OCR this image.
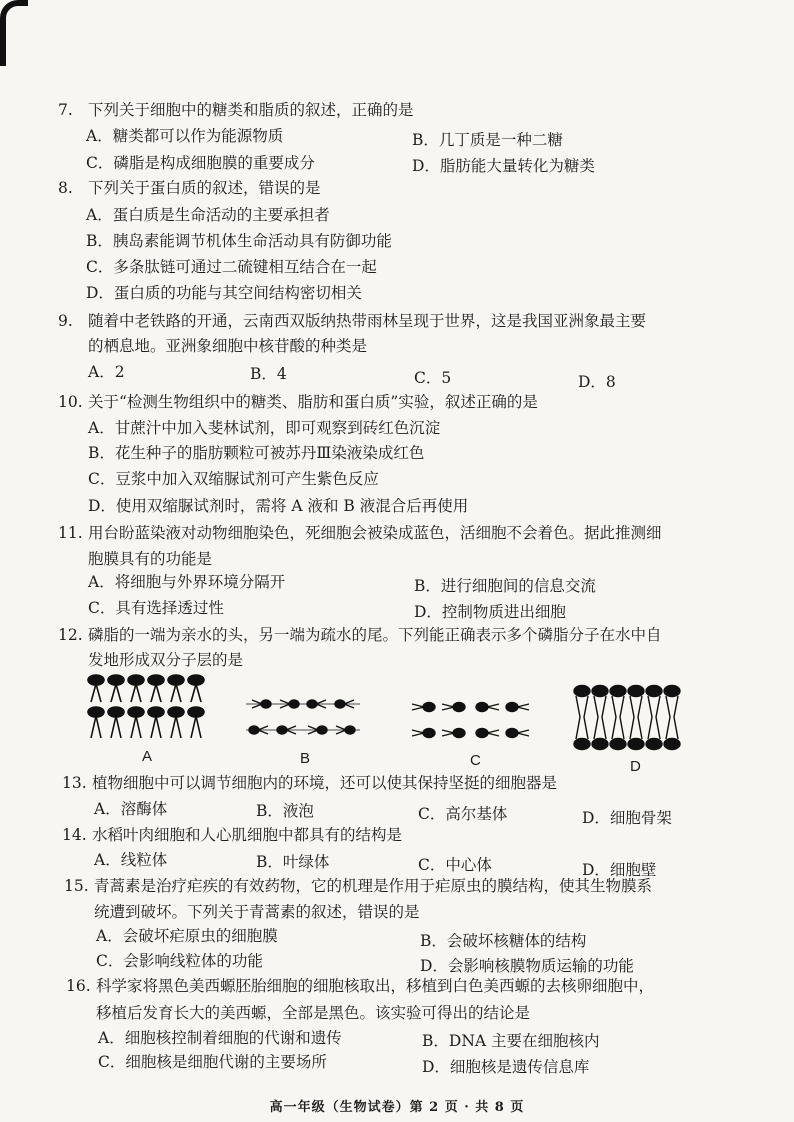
7. 下列关于细胞中的糖类和脂质的叙述，正确的是
A．糖类都可以作为能源物质	B．几丁质是一种二糖
C．磷脂是构成细胞膜的重要成分	D．脂肪能大量转化为糖类
8. 下列关于蛋白质的叙述，错误的是
A．蛋白质是生命活动的主要承担者
B．胰岛素能调节机体生命活动具有防御功能
C．多条肽链可通过二硫键相互结合在一起
D．蛋白质的功能与其空间结构密切相关
9. 随着中老铁路的开通，云南西双版纳热带雨林呈现于世界，这是我国亚洲象最主要
的栖息地。亚洲象细胞中核苷酸的种类是
A．2	B．4	C．5	D．8
10. 关于“检测生物组织中的糖类、脂肪和蛋白质”实验，叙述正确的是
A．甘蔗汁中加入斐林试剂，即可观察到砖红色沉淀
B．花生种子的脂肪颗粒可被苏丹Ⅲ染液染成红色
C．豆浆中加入双缩脲试剂可产生紫色反应
D．使用双缩脲试剂时，需将 A 液和 B 液混合后再使用
11. 用台盼蓝染液对动物细胞染色，死细胞会被染成蓝色，活细胞不会着色。据此推测细
胞膜具有的功能是
A．将细胞与外界环境分隔开	B．进行细胞间的信息交流
C．具有选择透过性	D．控制物质进出细胞
12. 磷脂的一端为亲水的头，另一端为疏水的尾。下列能正确表示多个磷脂分子在水中自
发地形成双分子层的是
A	B	C	D
13. 植物细胞中可以调节细胞内的环境，还可以使其保持坚挺的细胞器是
A．溶酶体	B．液泡	C．高尔基体	D．细胞骨架
14. 水稻叶肉细胞和人心肌细胞中都具有的结构是
A．线粒体	B．叶绿体	C．中心体	D．细胞壁
15. 青蒿素是治疗疟疾的有效药物，它的机理是作用于疟原虫的膜结构，使其生物膜系
统遭到破坏。下列关于青蒿素的叙述，错误的是
A．会破坏疟原虫的细胞膜	B．会破坏核糖体的结构
C．会影响线粒体的功能	D．会影响核膜物质运输的功能
16. 科学家将黑色美西螈胚胎细胞的细胞核取出，移植到白色美西螈的去核卵细胞中，
移植后发育长大的美西螈，全部是黑色。该实验可得出的结论是
A．细胞核控制着细胞的代谢和遗传	B．DNA 主要在细胞核内
C．细胞核是细胞代谢的主要场所	D．细胞核是遗传信息库
高一年级（生物试卷）第 2 页 · 共 8 页
